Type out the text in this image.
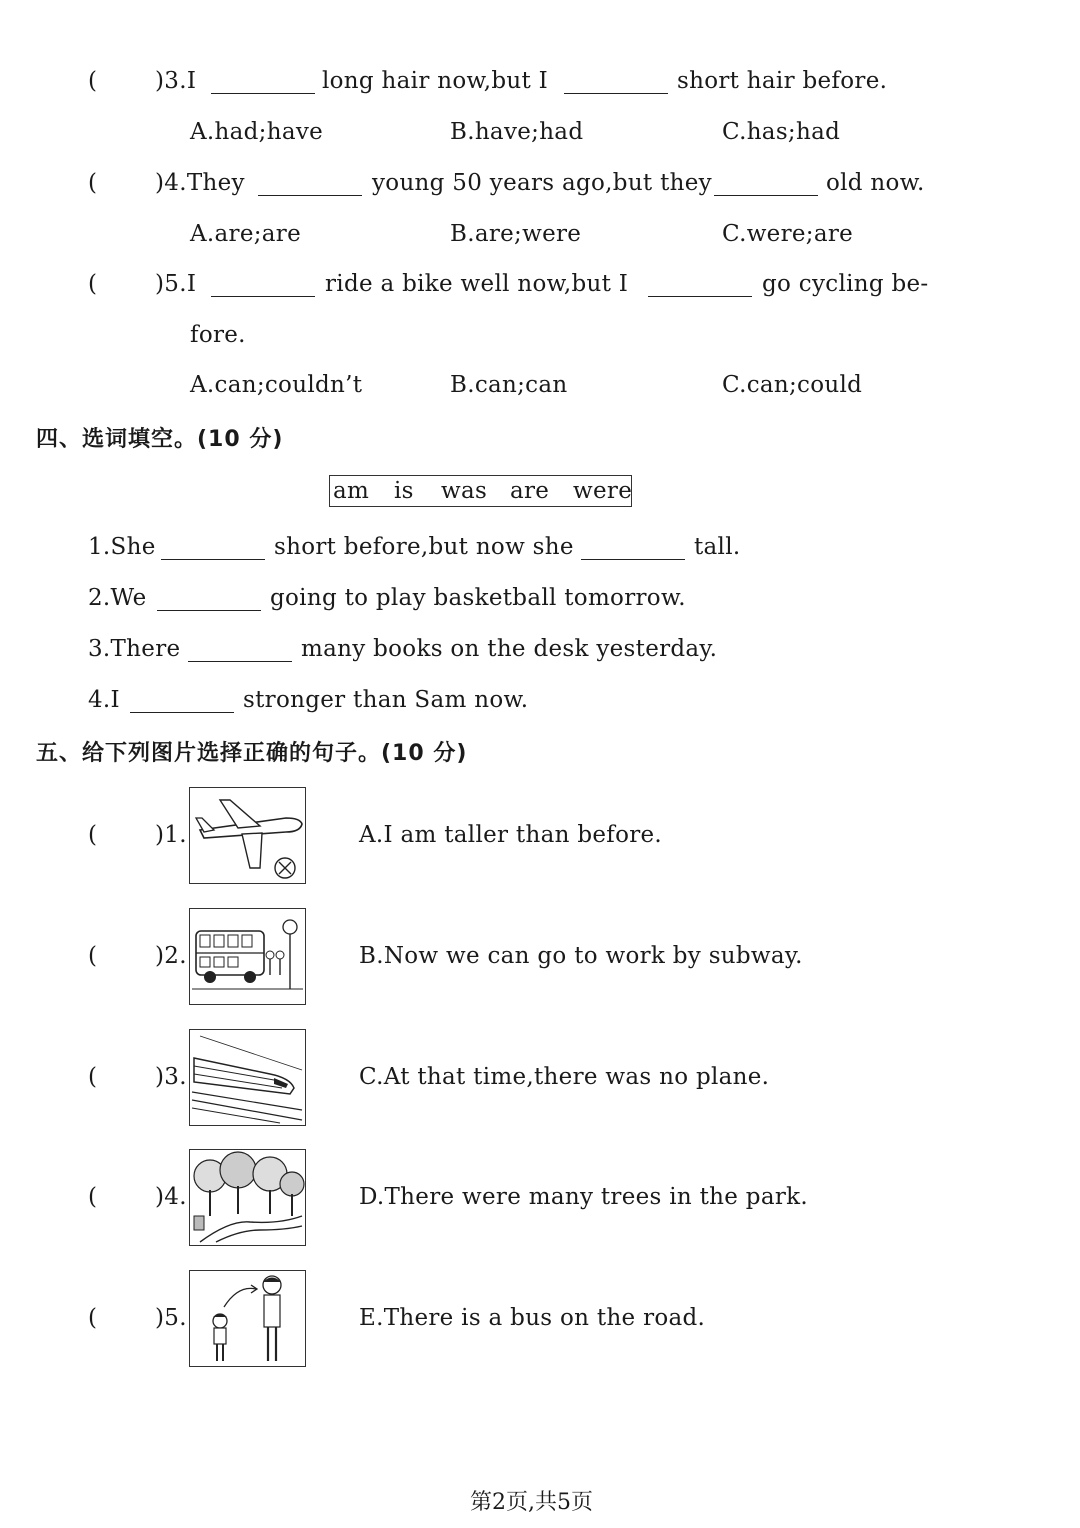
(	)3.I	long hair now,but I	short hair before.
A.had;have	B.have;had	C.has;had
(	)4.They	young 50 years ago,but they	old now.
A.are;are	B.are;were	C.were;are
(	)5.I	ride a bike well now,but I	go cycling be-
fore.
A.can;couldn’t	B.can;can	C.can;could
四、选词填空。(10 分)
am is was are were
1.She	short before,but now she	tall.
2.We	going to play basketball tomorrow.
3.There	many books on the desk yesterday.
4.I	stronger than Sam now.
五、给下列图片选择正确的句子。(10 分)
(	)1.	A.I am taller than before.
(	)2.	B.Now we can go to work by subway.
(	)3.	C.At that time,there was no plane.
(	)4.	D.There were many trees in the park.
(	)5.	E.There is a bus on the road.
第2页,共5页
